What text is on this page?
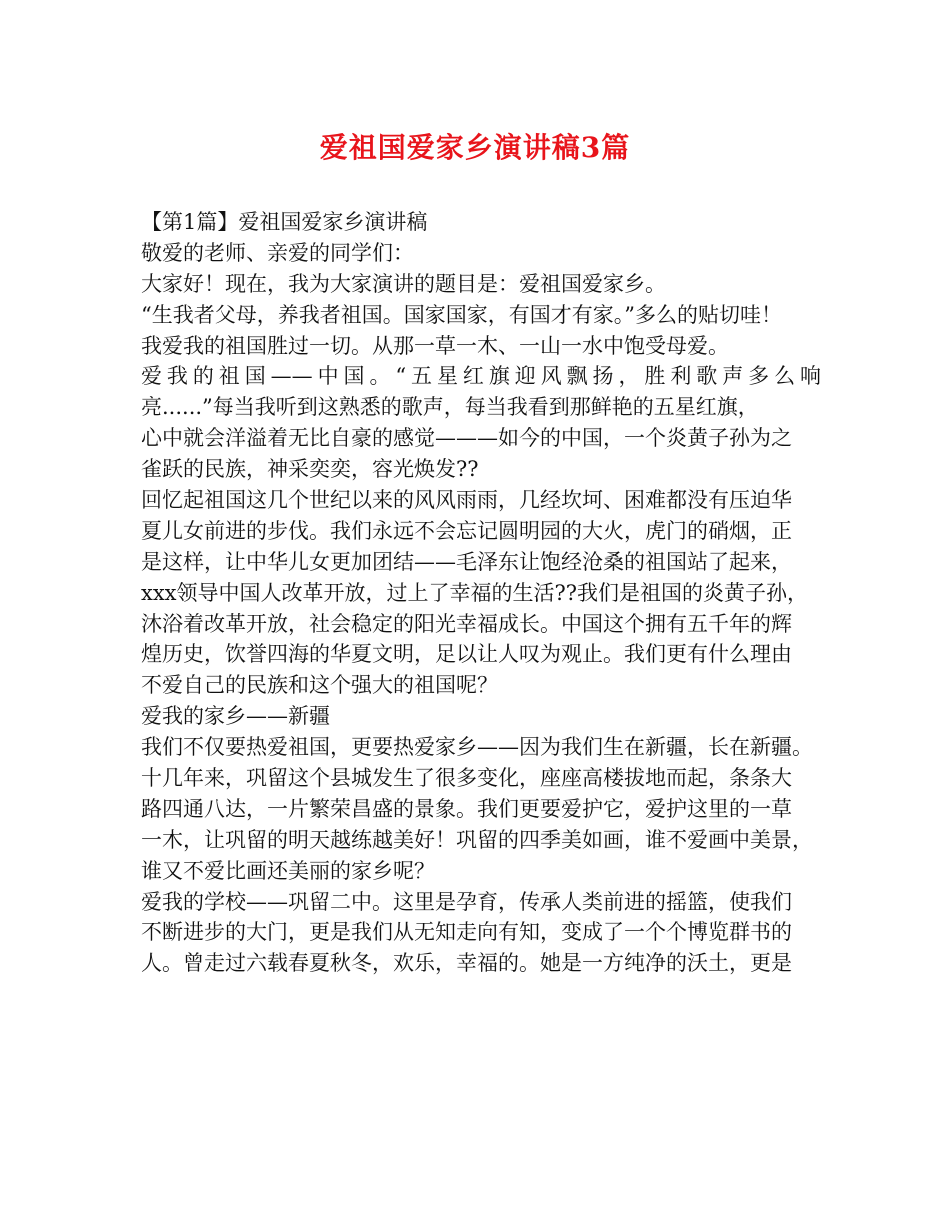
爱祖国爱家乡演讲稿3篇
【第1篇】爱祖国爱家乡演讲稿
敬爱的老师、亲爱的同学们：
大家好！现在，我为大家演讲的题目是：爱祖国爱家乡。
“生我者父母，养我者祖国。国家国家，有国才有家。”多么的贴切哇！
我爱我的祖国胜过一切。从那一草一木、一山一水中饱受母爱。
爱我的祖国——中国。“五星红旗迎风飘扬，胜利歌声多么响
亮......”每当我听到这熟悉的歌声，每当我看到那鲜艳的五星红旗，
心中就会洋溢着无比自豪的感觉———如今的中国，一个炎黄子孙为之
雀跃的民族，神采奕奕，容光焕发??
回忆起祖国这几个世纪以来的风风雨雨，几经坎坷、困难都没有压迫华
夏儿女前进的步伐。我们永远不会忘记圆明园的大火，虎门的硝烟，正
是这样，让中华儿女更加团结——毛泽东让饱经沧桑的祖国站了起来，
xxx领导中国人改革开放，过上了幸福的生活??我们是祖国的炎黄子孙，
沐浴着改革开放，社会稳定的阳光幸福成长。中国这个拥有五千年的辉
煌历史，饮誉四海的华夏文明，足以让人叹为观止。我们更有什么理由
不爱自己的民族和这个强大的祖国呢？
爱我的家乡——新疆
我们不仅要热爱祖国，更要热爱家乡——因为我们生在新疆，长在新疆。
十几年来，巩留这个县城发生了很多变化，座座高楼拔地而起，条条大
路四通八达，一片繁荣昌盛的景象。我们更要爱护它，爱护这里的一草
一木，让巩留的明天越练越美好！巩留的四季美如画，谁不爱画中美景，
谁又不爱比画还美丽的家乡呢？
爱我的学校——巩留二中。这里是孕育，传承人类前进的摇篮，使我们
不断进步的大门，更是我们从无知走向有知，变成了一个个博览群书的
人。曾走过六载春夏秋冬，欢乐，幸福的。她是一方纯净的沃土，更是
